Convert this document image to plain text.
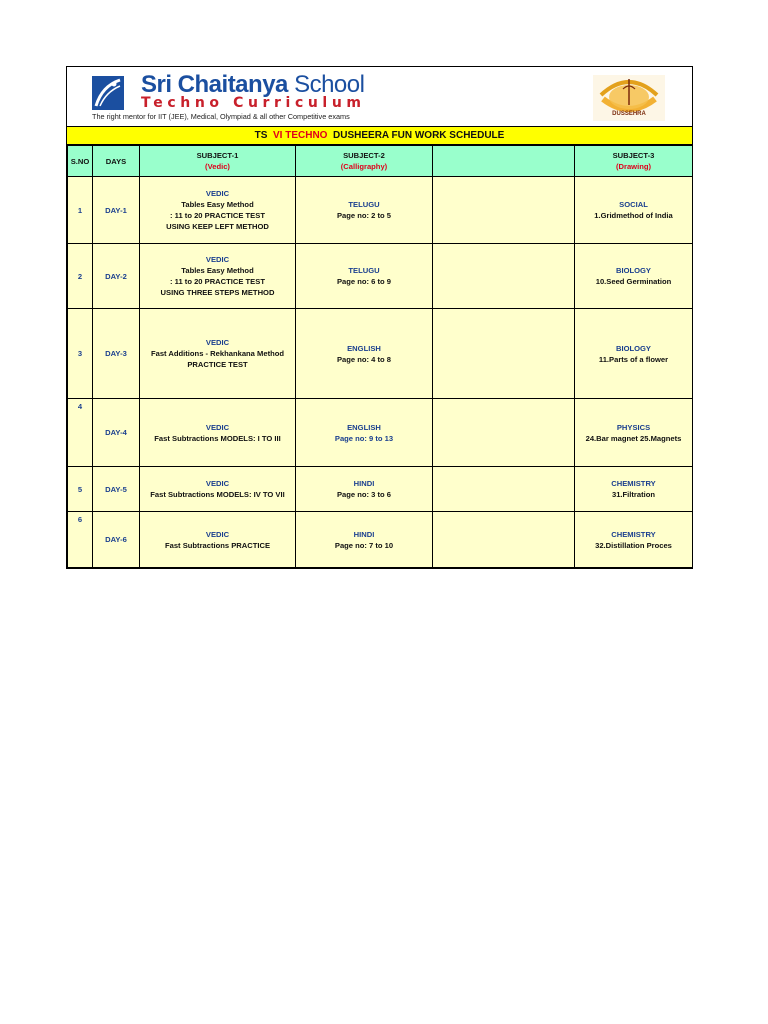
Sri Chaitanya School
Techno Curriculum
The right mentor for IIT (JEE), Medical, Olympiad & all other Competitive exams	DUSSEHRA
TS VI TECHNO DUSHEERA FUN WORK SCHEDULE
S.NO	DAYS	SUBJECT-1
(Vedic)	SUBJECT-2
(Calligraphy)		SUBJECT-3
(Drawing)

1	DAY-1	VEDIC
Tables Easy Method
: 11 to 20 PRACTICE TEST
USING KEEP LEFT METHOD	TELUGU
Page no: 2 to 5		SOCIAL
1.Gridmethod of India

2	DAY-2	VEDIC
Tables Easy Method
: 11 to 20 PRACTICE TEST
USING THREE STEPS METHOD	TELUGU
Page no: 6 to 9		BIOLOGY
10.Seed Germination

3	DAY-3	VEDIC
Fast Additions - Rekhankana Method
PRACTICE TEST	ENGLISH
Page no: 4 to 8		BIOLOGY
11.Parts of a flower

4	DAY-4	VEDIC
Fast Subtractions MODELS: I TO III	ENGLISH
Page no: 9 to 13		PHYSICS
24.Bar magnet 25.Magnets

5	DAY-5	VEDIC
Fast Subtractions MODELS: IV TO VII	HINDI
Page no: 3 to 6		CHEMISTRY
31.Filtration

6	DAY-6	VEDIC
Fast Subtractions PRACTICE	HINDI
Page no: 7 to 10		CHEMISTRY
32.Distillation Proces
